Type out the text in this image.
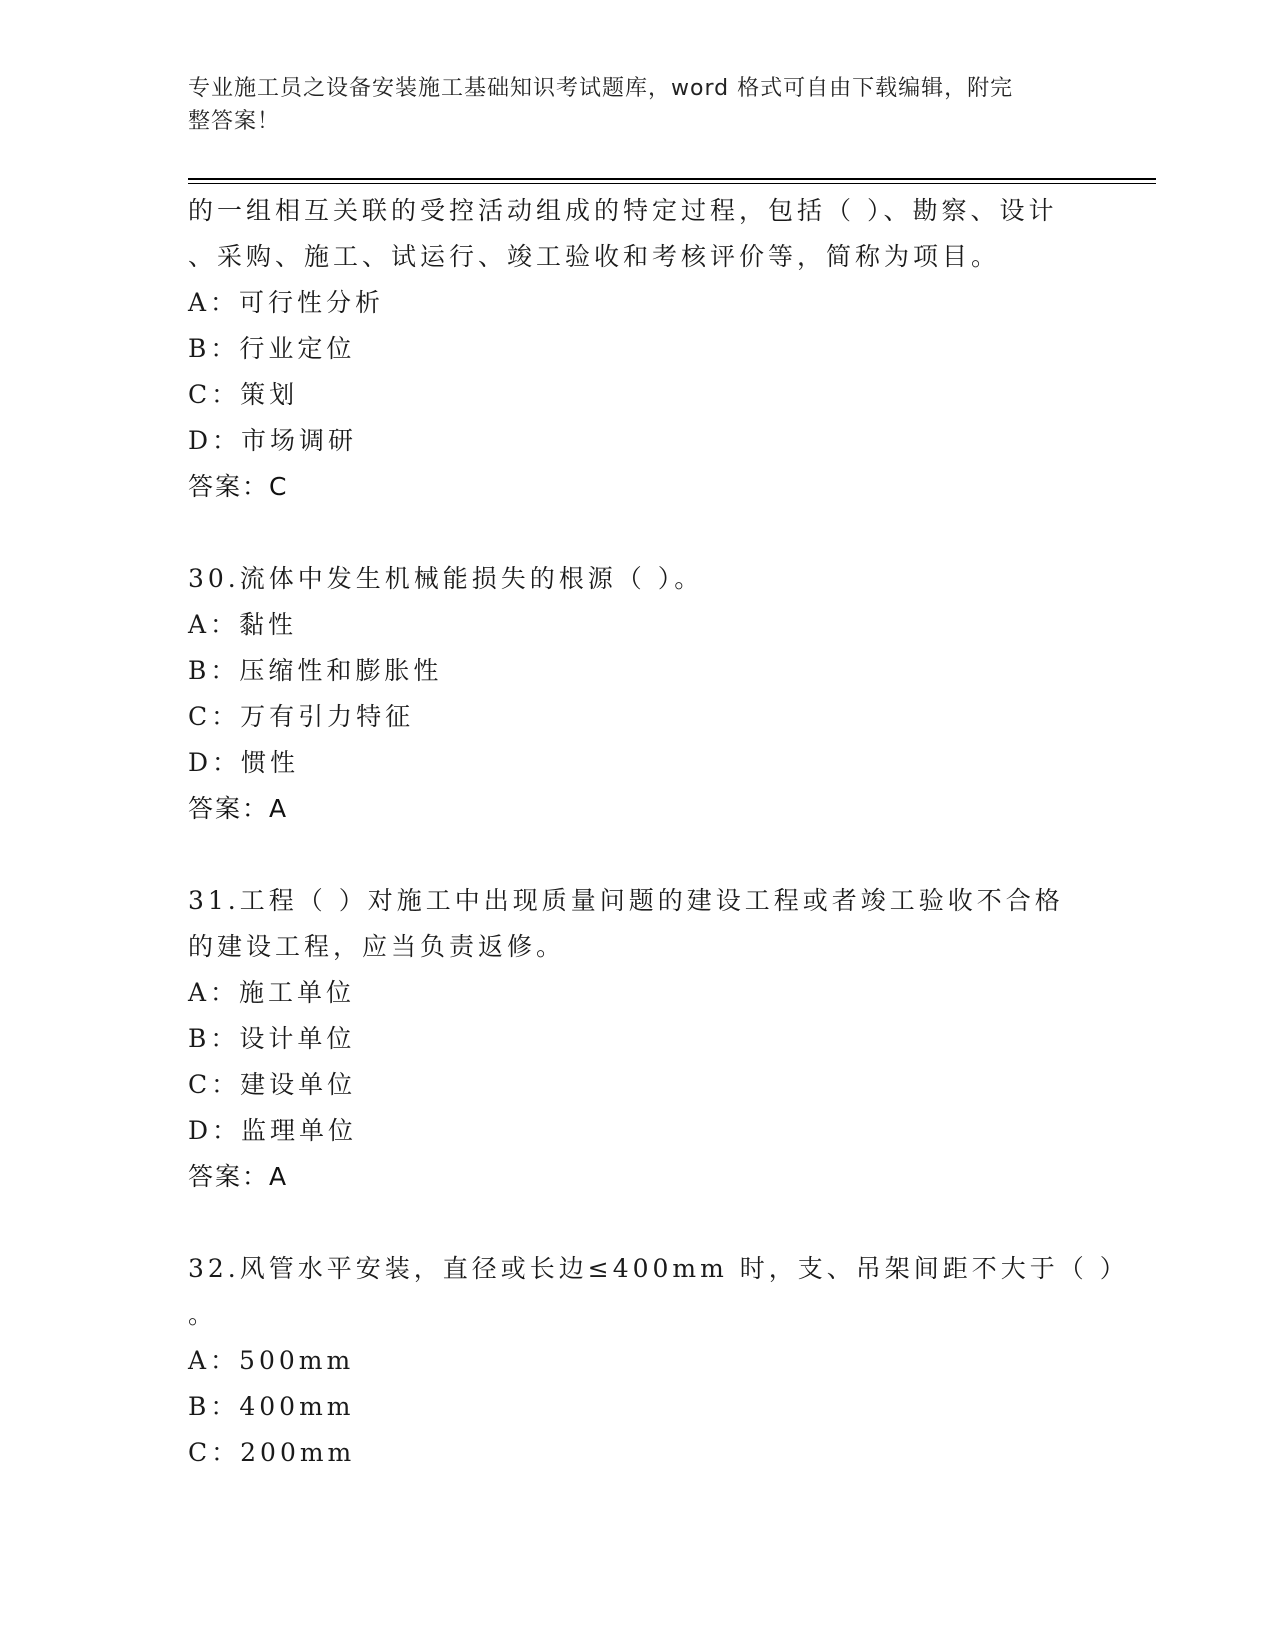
专业施工员之设备安装施工基础知识考试题库，word 格式可自由下载编辑，附完
整答案！
的一组相互关联的受控活动组成的特定过程，包括（ ）、勘察、设计
、采购、施工、试运行、竣工验收和考核评价等，简称为项目。
A：可行性分析
B：行业定位
C：策划
D：市场调研
答案：C
30.流体中发生机械能损失的根源（ ）。
A：黏性
B：压缩性和膨胀性
C：万有引力特征
D：惯性
答案：A
31.工程（ ）对施工中出现质量问题的建设工程或者竣工验收不合格
的建设工程，应当负责返修。
A：施工单位
B：设计单位
C：建设单位
D：监理单位
答案：A
32.风管水平安装，直径或长边≤400mm 时，支、吊架间距不大于（ ）
。
A：500mm
B：400mm
C：200mm
